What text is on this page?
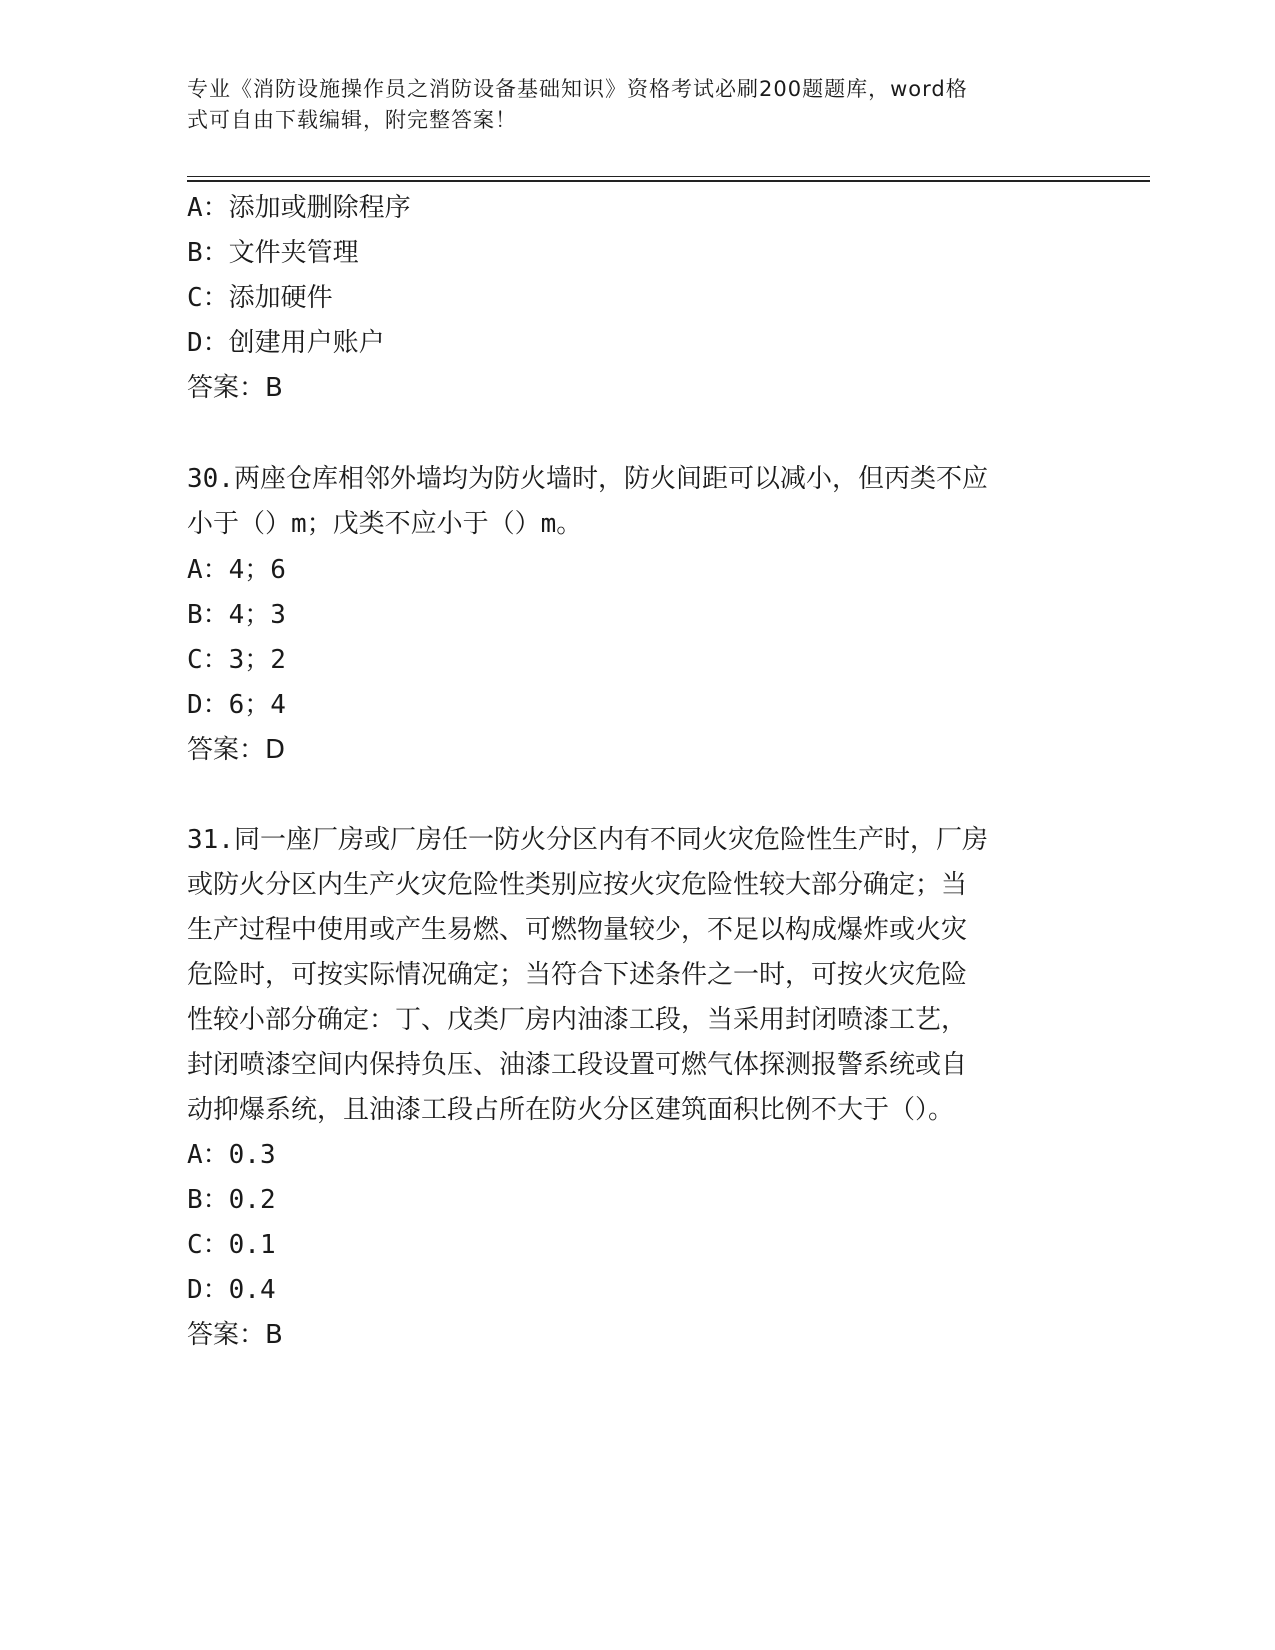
专业《消防设施操作员之消防设备基础知识》资格考试必刷200题题库，word格
式可自由下载编辑，附完整答案！
A：添加或删除程序
B：文件夹管理
C：添加硬件
D：创建用户账户
答案：B
30.两座仓库相邻外墙均为防火墙时，防火间距可以减小，但丙类不应
小于（）m；戊类不应小于（）m。
A：4；6
B：4；3
C：3；2
D：6；4
答案：D
31.同一座厂房或厂房任一防火分区内有不同火灾危险性生产时，厂房
或防火分区内生产火灾危险性类别应按火灾危险性较大部分确定；当
生产过程中使用或产生易燃、可燃物量较少，不足以构成爆炸或火灾
危险时，可按实际情况确定；当符合下述条件之一时，可按火灾危险
性较小部分确定：丁、戊类厂房内油漆工段，当采用封闭喷漆工艺，
封闭喷漆空间内保持负压、油漆工段设置可燃气体探测报警系统或自
动抑爆系统，且油漆工段占所在防火分区建筑面积比例不大于（）。
A：0.3
B：0.2
C：0.1
D：0.4
答案：B
